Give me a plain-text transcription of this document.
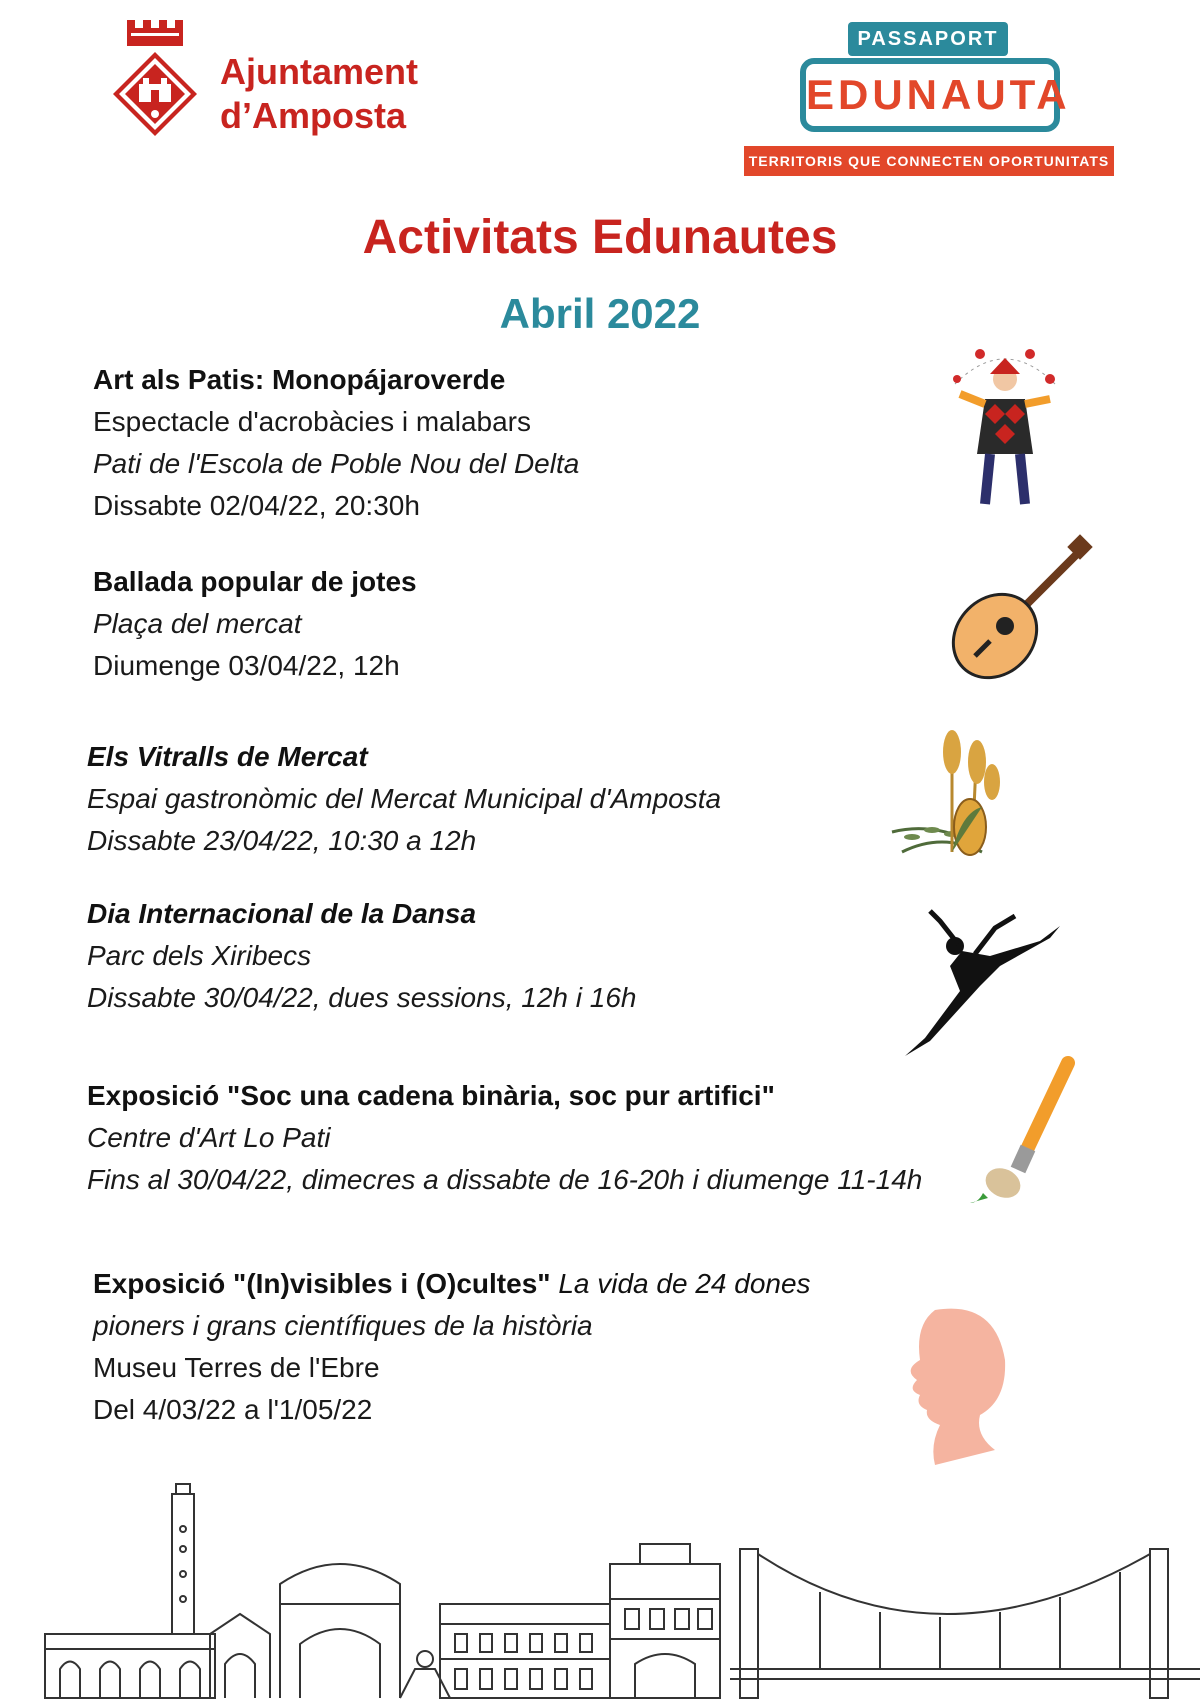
Ajuntament
d’Amposta
PASSAPORT
EDUNAUTA
TERRITORIS QUE CONNECTEN OPORTUNITATS
Activitats Edunautes
Abril 2022
Art als Patis: Monopájaroverde
Espectacle d'acrobàcies i malabars
Pati de l'Escola de Poble Nou del Delta
Dissabte 02/04/22, 20:30h
Ballada popular de jotes
Plaça del mercat
Diumenge 03/04/22, 12h
Els Vitralls de Mercat
Espai gastronòmic del Mercat Municipal d'Amposta
Dissabte 23/04/22, 10:30 a 12h
Dia Internacional de la Dansa
Parc dels Xiribecs
Dissabte 30/04/22, dues sessions, 12h i 16h
Exposició "Soc una cadena binària, soc pur artifici"
Centre d'Art Lo Pati
Fins al 30/04/22, dimecres a dissabte de 16-20h i diumenge 11-14h
Exposició "(In)visibles i (O)cultes" La vida de 24 dones
pioners i grans científiques de la història
Museu Terres de l'Ebre
Del 4/03/22 a l'1/05/22
